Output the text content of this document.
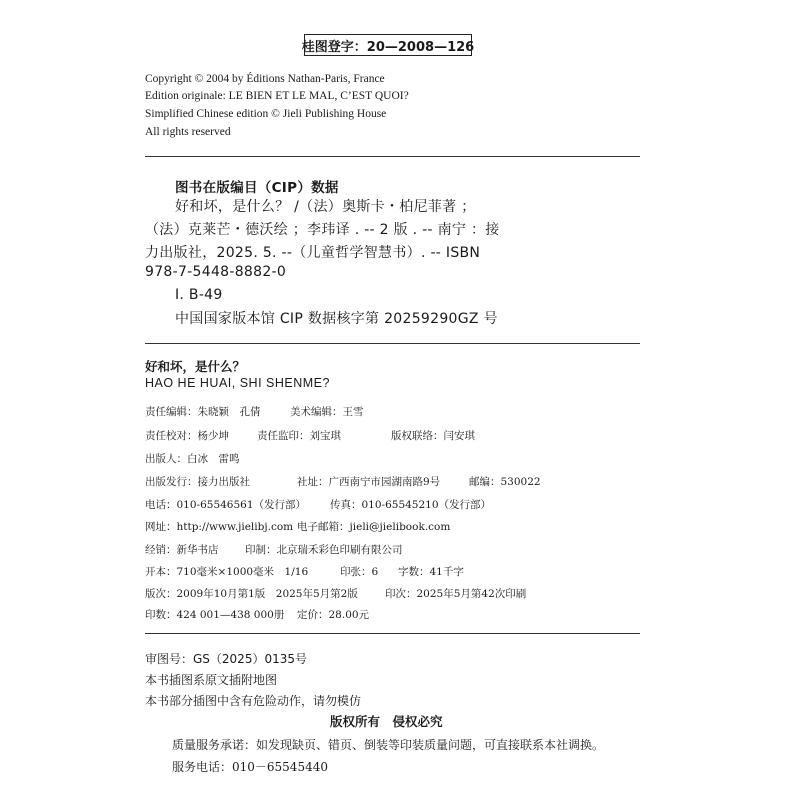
桂图登字：20—2008—126
Copyright © 2004 by Éditions Nathan-Paris, France
Edition originale: LE BIEN ET LE MAL, C’EST QUOI?
Simplified Chinese edition © Jieli Publishing House
All rights reserved
图书在版编目（CIP）数据
好和坏，是什么？ /（法）奥斯卡・柏尼菲著 ；
（法）克莱芒・德沃绘 ；李玮译 . -- 2 版 . -- 南宁 ：接
力出版社，2025. 5. --（儿童哲学智慧书）. -- ISBN
978-7-5448-8882-0
Ⅰ. B-49
中国国家版本馆 CIP 数据核字第 20259290GZ 号
好和坏，是什么？
HAO HE HUAI, SHI SHENME?
责任编辑：朱晓颖　孔倩	美术编辑：王雪
责任校对：杨少坤	责任监印：刘宝琪	版权联络：闫安琪
出版人：白冰　雷鸣
出版发行：接力出版社	社址：广西南宁市园湖南路9号	邮编：530022
电话：010-65546561（发行部） 传真：010-65545210（发行部）
网址：http://www.jielibj.com 电子邮箱：jieli@jielibook.com
经销：新华书店	印制：北京瑞禾彩色印刷有限公司
开本：710毫米×1000毫米　1/16	印张：6 字数：41千字
版次：2009年10月第1版　2025年5月第2版	印次：2025年5月第42次印刷
印数：424 001—438 000册 定价：28.00元
审图号：GS（2025）0135号
本书插图系原文插附地图
本书部分插图中含有危险动作，请勿模仿
版权所有　侵权必究
质量服务承诺：如发现缺页、错页、倒装等印装质量问题，可直接联系本社调换。
服务电话：010－65545440
